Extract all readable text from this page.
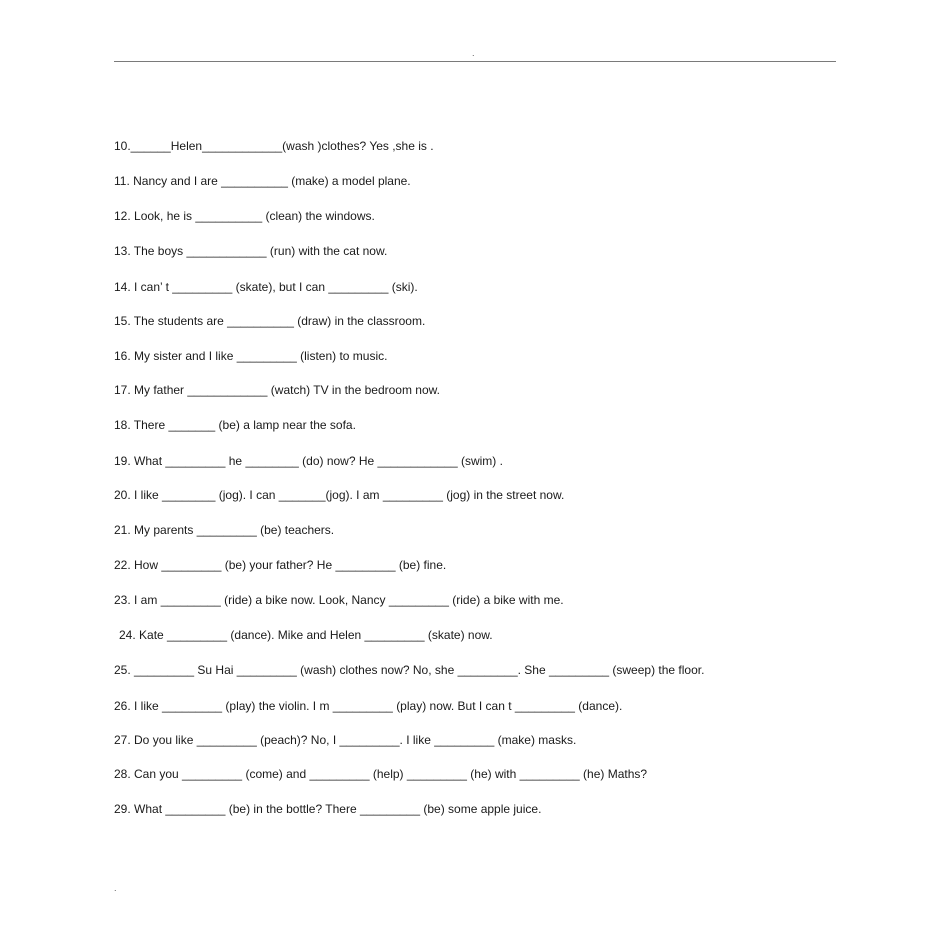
.
10.______Helen____________(wash )clothes? Yes ,she is .
11. Nancy and I are __________ (make) a model plane.
12. Look, he is __________ (clean) the windows.
13. The boys ____________ (run) with the cat now.
14. I can’ t _________ (skate), but I can _________ (ski).
15. The students are __________ (draw) in the classroom.
16. My sister and I like _________ (listen) to music.
17. My father ____________ (watch) TV in the bedroom now.
18. There _______ (be) a lamp near the sofa.
19. What _________ he ________ (do) now? He ____________ (swim) .
20. I like ________ (jog). I can _______(jog). I am _________ (jog) in the street now.
21. My parents _________ (be) teachers.
22. How _________ (be) your father? He _________ (be) fine.
23. I am _________ (ride) a bike now. Look, Nancy _________ (ride) a bike with me.
24. Kate _________ (dance). Mike and Helen _________ (skate) now.
25. _________ Su Hai _________ (wash) clothes now? No, she _________. She _________ (sweep) the floor.
26. I like _________ (play) the violin. I m _________ (play) now. But I can t _________ (dance).
27. Do you like _________ (peach)? No, I _________. I like _________ (make) masks.
28. Can you _________ (come) and _________ (help) _________ (he) with _________ (he) Maths?
29. What _________ (be) in the bottle? There _________ (be) some apple juice.
.
